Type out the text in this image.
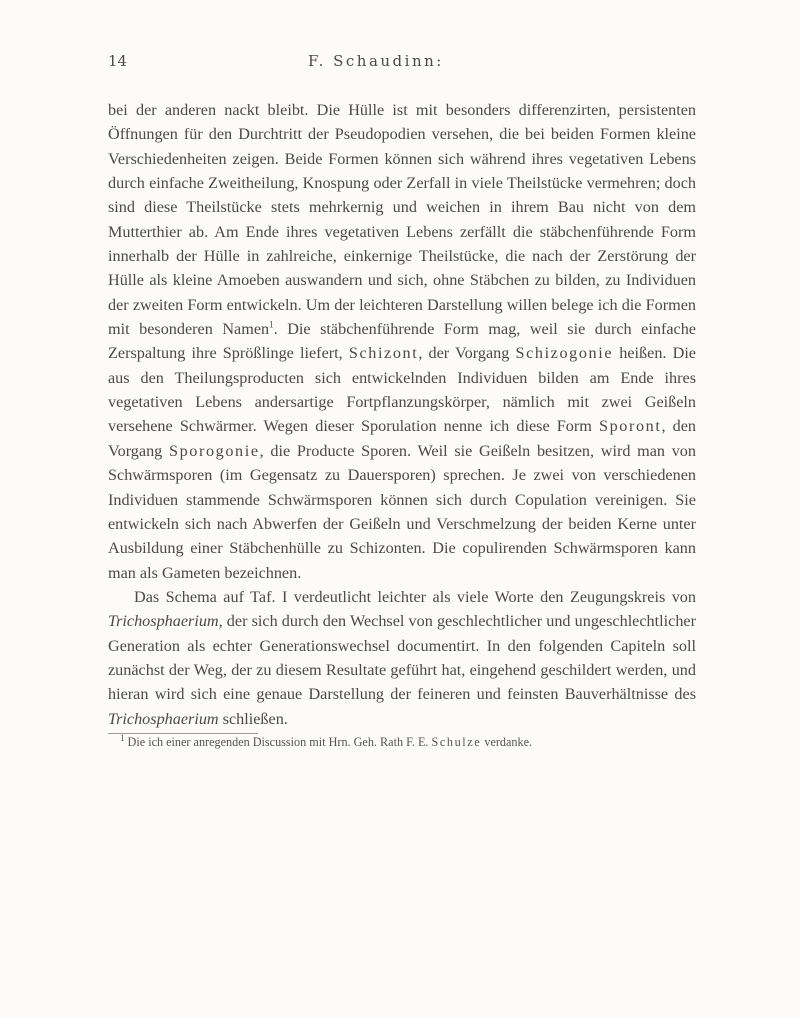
14	F. Schaudinn:

bei der anderen nackt bleibt. Die Hülle ist mit besonders differenzirten, persistenten Öffnungen für den Durchtritt der Pseudopodien versehen, die bei beiden Formen kleine Verschiedenheiten zeigen. Beide Formen können sich während ihres vegetativen Lebens durch einfache Zweitheilung, Knospung oder Zerfall in viele Theilstücke vermehren; doch sind diese Theilstücke stets mehrkernig und weichen in ihrem Bau nicht von dem Mutterthier ab. Am Ende ihres vegetativen Lebens zerfällt die stäbchenführende Form innerhalb der Hülle in zahlreiche, einkernige Theilstücke, die nach der Zerstörung der Hülle als kleine Amoeben auswandern und sich, ohne Stäbchen zu bilden, zu Individuen der zweiten Form entwickeln. Um der leichteren Darstellung willen belege ich die Formen mit besonderen Namen$^1$. Die stäbchenführende Form mag, weil sie durch einfache Zerspaltung ihre Sprößlinge liefert, Schizont, der Vorgang Schizogonie heißen. Die aus den Theilungsproducten sich entwickelnden Individuen bilden am Ende ihres vegetativen Lebens andersartige Fortpflanzungskörper, nämlich mit zwei Geißeln versehene Schwärmer. Wegen dieser Sporulation nenne ich diese Form Sporont, den Vorgang Sporogonie, die Producte Sporen. Weil sie Geißeln besitzen, wird man von Schwärmsporen (im Gegensatz zu Dauersporen) sprechen. Je zwei von verschiedenen Individuen stammende Schwärmsporen können sich durch Copulation vereinigen. Sie entwickeln sich nach Abwerfen der Geißeln und Verschmelzung der beiden Kerne unter Ausbildung einer Stäbchenhülle zu Schizonten. Die copulirenden Schwärmsporen kann man als Gameten bezeichnen.

Das Schema auf Taf. I verdeutlicht leichter als viele Worte den Zeugungskreis von Trichosphaerium, der sich durch den Wechsel von geschlechtlicher und ungeschlechtlicher Generation als echter Generationswechsel documentirt. In den folgenden Capiteln soll zunächst der Weg, der zu diesem Resultate geführt hat, eingehend geschildert werden, und hieran wird sich eine genaue Darstellung der feineren und feinsten Bauverhältnisse des Trichosphaerium schließen.

$^1$ Die ich einer anregenden Discussion mit Hrn. Geh. Rath F. E. Schulze verdanke.
